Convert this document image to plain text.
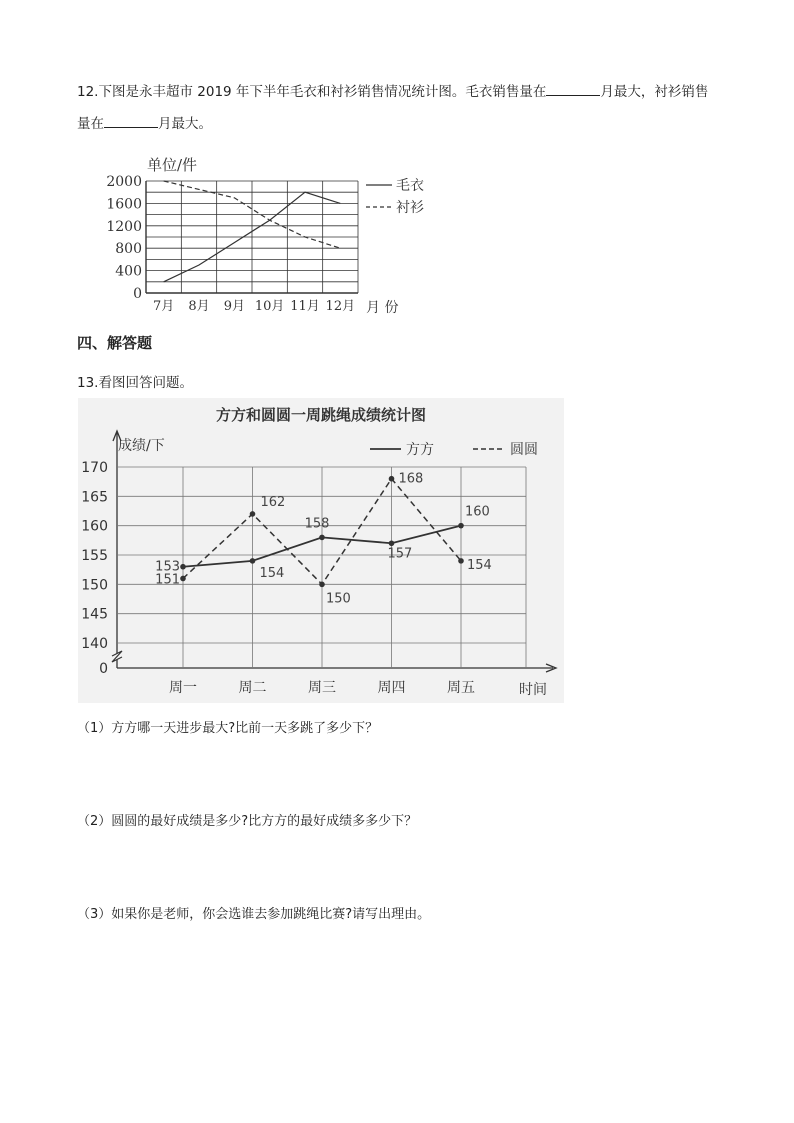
12.下图是永丰超市 2019 年下半年毛衣和衬衫销售情况统计图。毛衣销售量在	月最大，衬衫销售

量在	月最大。

单位/件
0
400
800
1200
1600
2000
7月 8月 9月 10月 11月 12月
毛衣
衬衫
月 份

四、解答题

13.看图回答问题。

方方和圆圆一周跳绳成绩统计图
成绩/下	方方	圆圆
0
140
145
150
155
160
165
170
周一	周二	周三	周四	周五
153	154
158
157
160
151
162
150
168
154
时间

（1）方方哪一天进步最大?比前一天多跳了多少下？

（2）圆圆的最好成绩是多少?比方方的最好成绩多多少下？

（3）如果你是老师，你会选谁去参加跳绳比赛?请写出理由。
